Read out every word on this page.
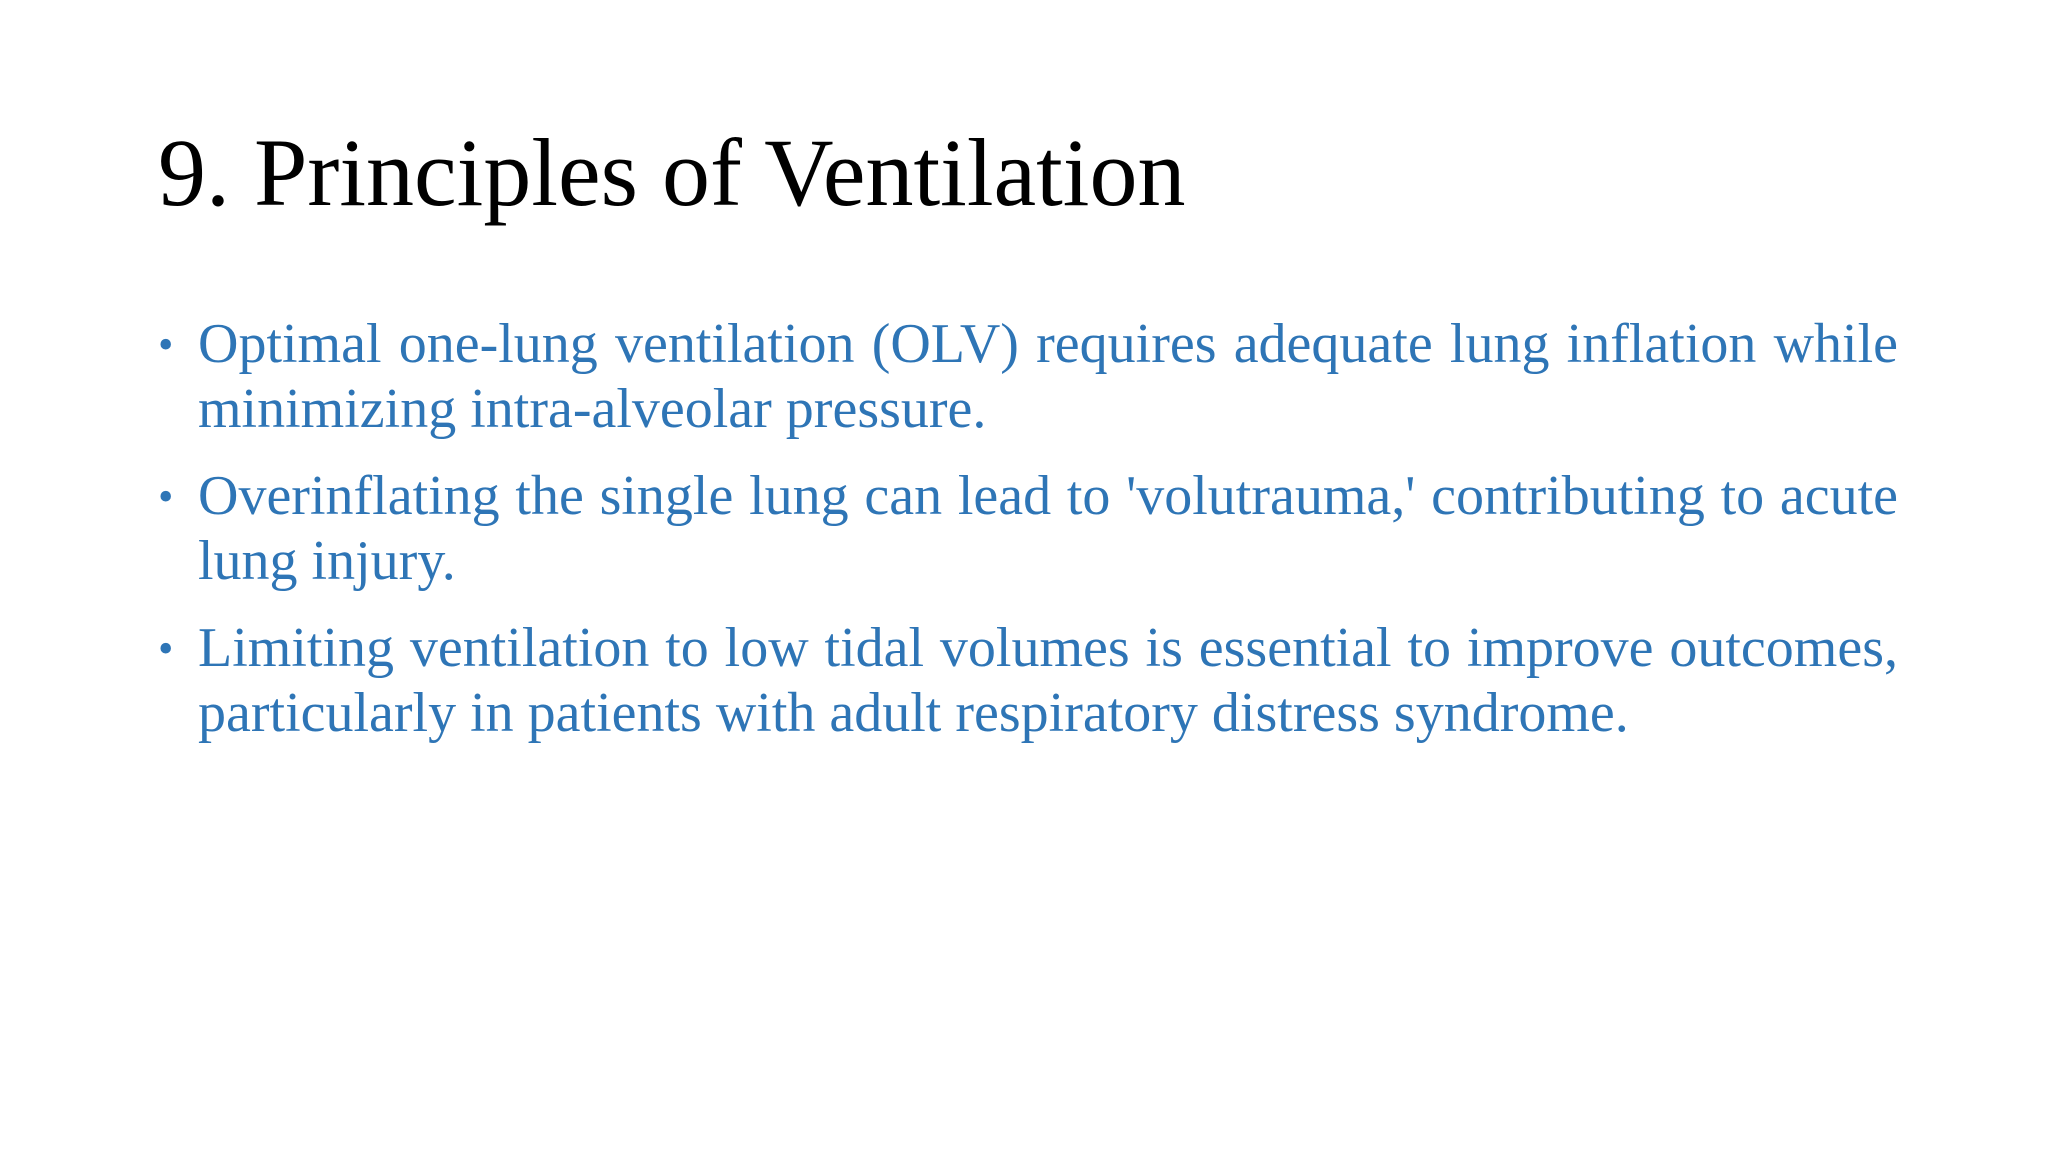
9. Principles of Ventilation
• Optimal one-lung ventilation (OLV) requires adequate lung inflation while minimizing intra-alveolar pressure.
• Overinflating the single lung can lead to 'volutrauma,' contributing to acute lung injury.
• Limiting ventilation to low tidal volumes is essential to improve outcomes, particularly in patients with adult respiratory distress syndrome.
